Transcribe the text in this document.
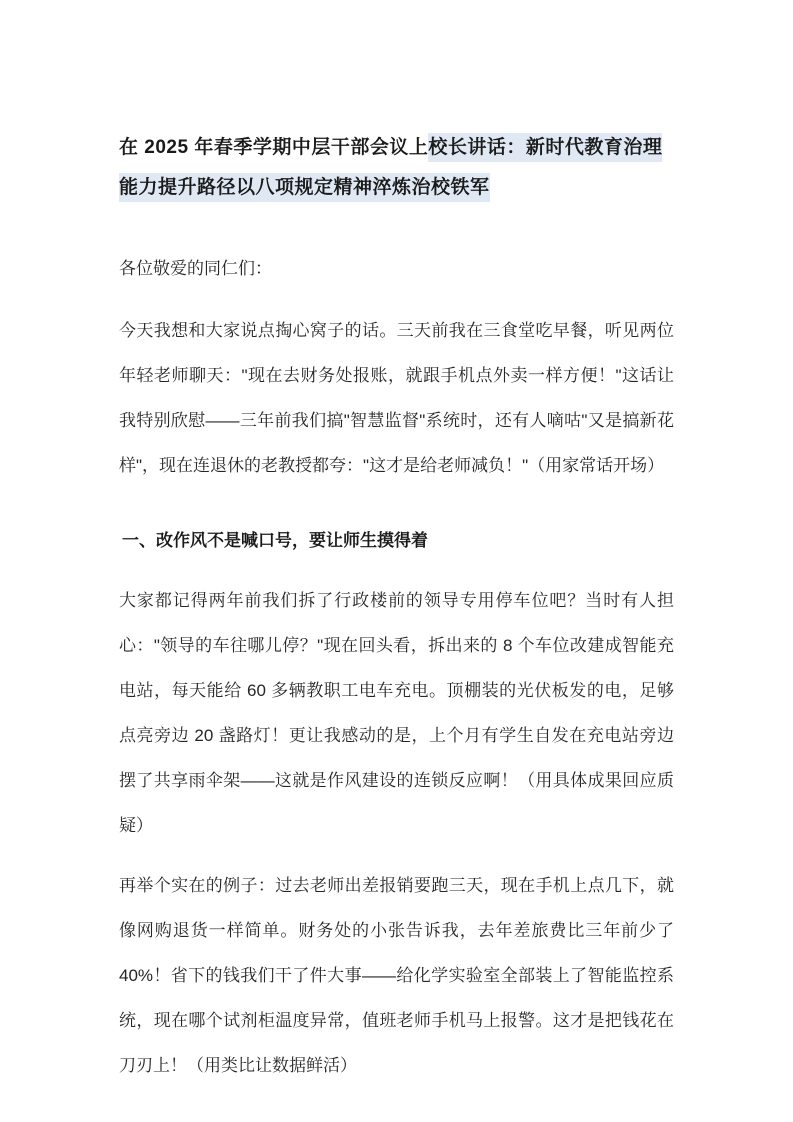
在 2025 年春季学期中层干部会议上校长讲话：新时代教育治理能力提升路径以八项规定精神淬炼治校铁军

各位敬爱的同仁们：

今天我想和大家说点掏心窝子的话。三天前我在三食堂吃早餐，听见两位年轻老师聊天："现在去财务处报账，就跟手机点外卖一样方便！"这话让我特别欣慰——三年前我们搞"智慧监督"系统时，还有人嘀咕"又是搞新花样"，现在连退休的老教授都夸："这才是给老师减负！"（用家常话开场）

一、改作风不是喊口号，要让师生摸得着

大家都记得两年前我们拆了行政楼前的领导专用停车位吧？当时有人担心："领导的车往哪儿停？"现在回头看，拆出来的 8 个车位改建成智能充电站，每天能给 60 多辆教职工电车充电。顶棚装的光伏板发的电，足够点亮旁边 20 盏路灯！更让我感动的是，上个月有学生自发在充电站旁边摆了共享雨伞架——这就是作风建设的连锁反应啊！（用具体成果回应质疑）

再举个实在的例子：过去老师出差报销要跑三天，现在手机上点几下，就像网购退货一样简单。财务处的小张告诉我，去年差旅费比三年前少了 40%！省下的钱我们干了件大事——给化学实验室全部装上了智能监控系统，现在哪个试剂柜温度异常，值班老师手机马上报警。这才是把钱花在刀刃上！（用类比让数据鲜活）
